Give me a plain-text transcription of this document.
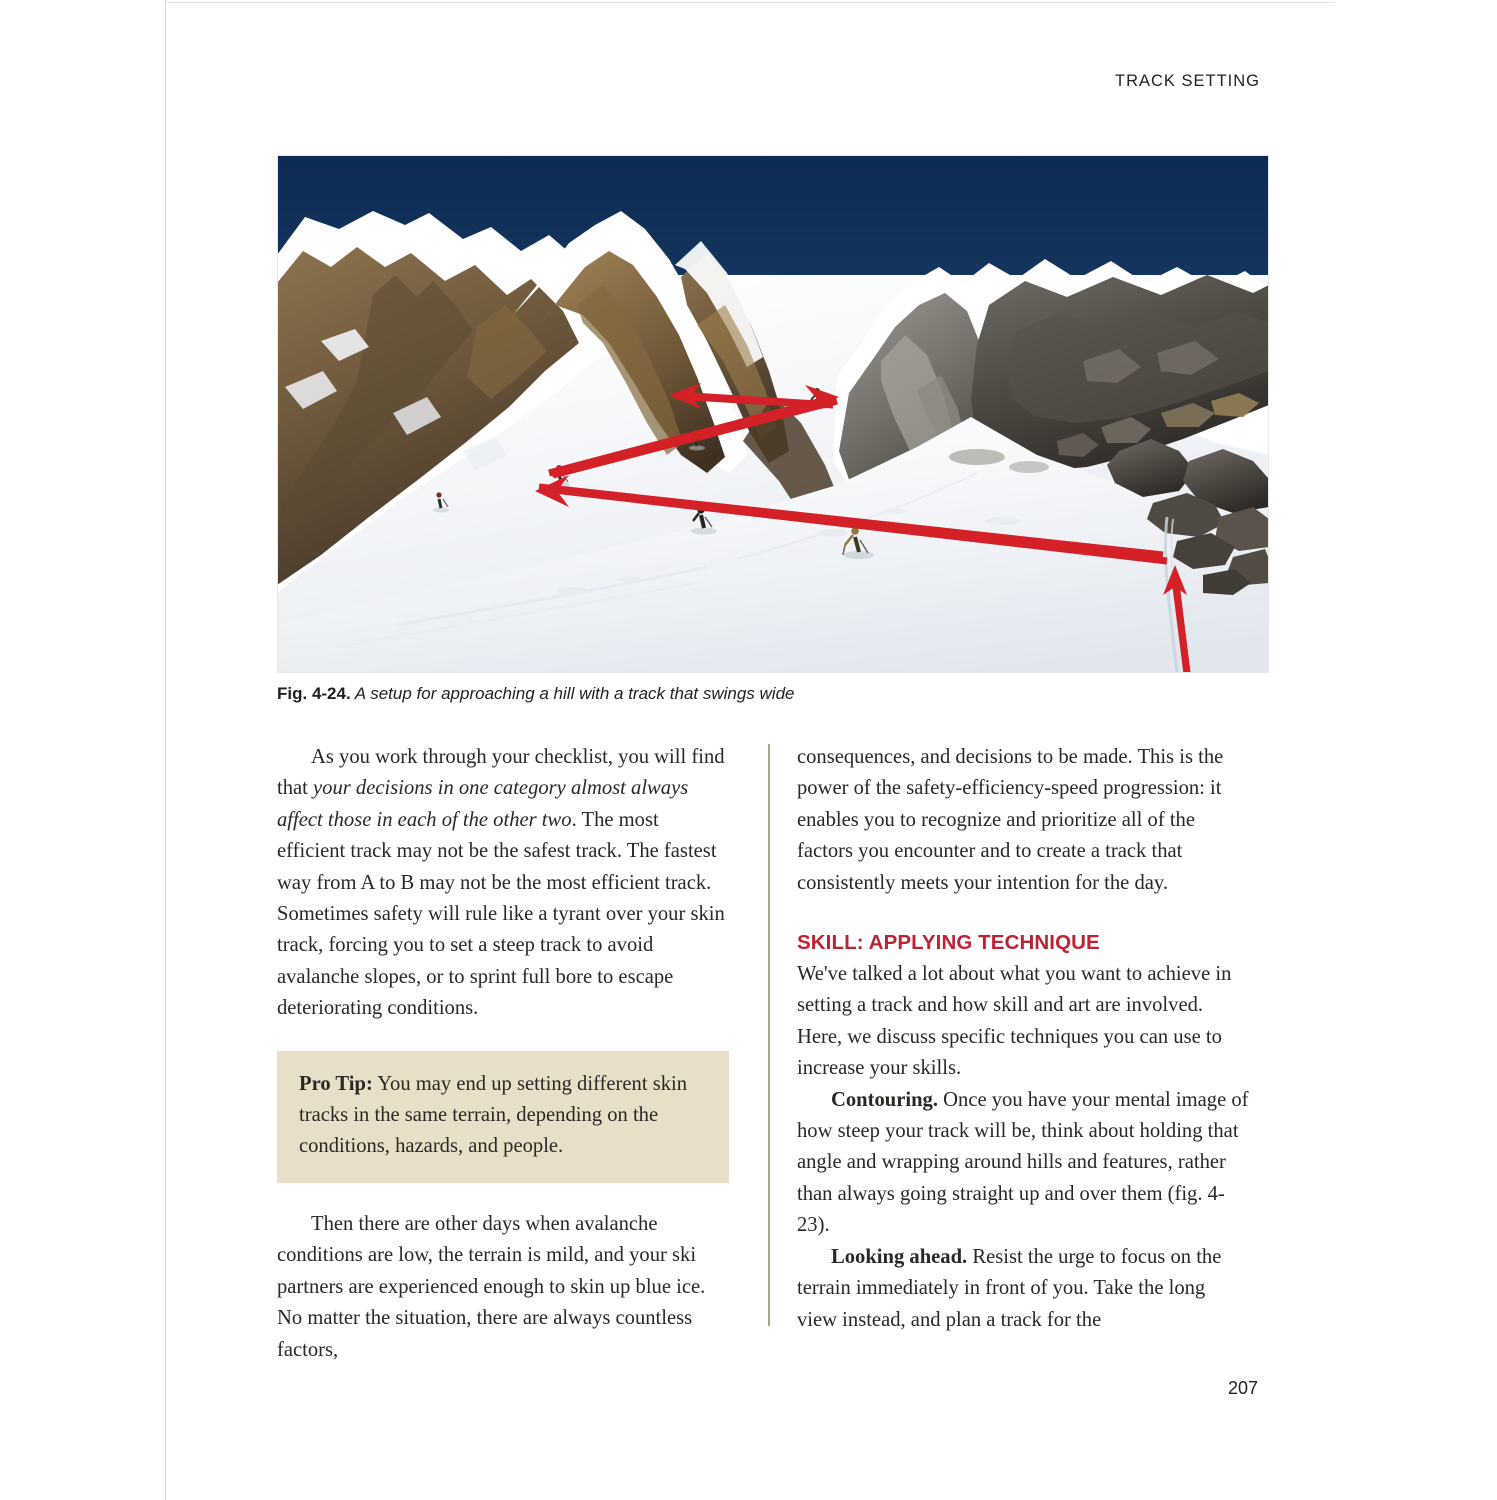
TRACK SETTING
Fig. 4-24. A setup for approaching a hill with a track that swings wide

As you work through your checklist, you will find that your decisions in one category almost always affect those in each of the other two. The most efficient track may not be the safest track. The fastest way from A to B may not be the most efficient track. Sometimes safety will rule like a tyrant over your skin track, forcing you to set a steep track to avoid avalanche slopes, or to sprint full bore to escape deteriorating conditions.

Pro Tip: You may end up setting different skin tracks in the same terrain, depending on the conditions, hazards, and people.

Then there are other days when avalanche conditions are low, the terrain is mild, and your ski partners are experienced enough to skin up blue ice. No matter the situation, there are always countless factors,

consequences, and decisions to be made. This is the power of the safety-efficiency-speed progression: it enables you to recognize and prioritize all of the factors you encounter and to create a track that consistently meets your intention for the day.

SKILL: APPLYING TECHNIQUE

We've talked a lot about what you want to achieve in setting a track and how skill and art are involved. Here, we discuss specific techniques you can use to increase your skills.

Contouring. Once you have your mental image of how steep your track will be, think about holding that angle and wrapping around hills and features, rather than always going straight up and over them (fig. 4-23).

Looking ahead. Resist the urge to focus on the terrain immediately in front of you. Take the long view instead, and plan a track for the

207
